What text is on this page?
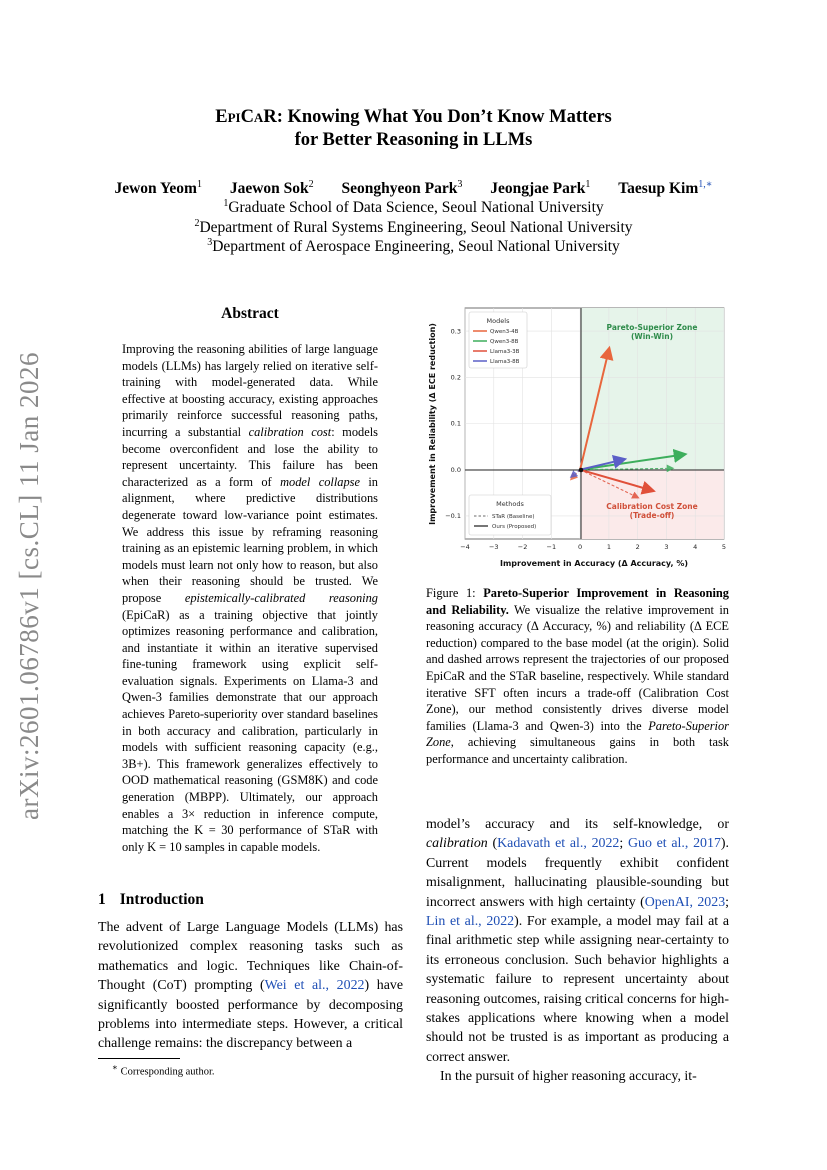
arXiv:2601.06786v1 [cs.CL] 11 Jan 2026
EpiCaR: Knowing What You Don’t Know Matters
for Better Reasoning in LLMs
Jewon Yeom$^1$ Jaewon Sok$^2$ Seonghyeon Park$^3$ Jeongjae Park$^1$ Taesup Kim$^{1,∗}$
$^1$Graduate School of Data Science, Seoul National University
$^2$Department of Rural Systems Engineering, Seoul National University
$^3$Department of Aerospace Engineering, Seoul National University
Abstract

Improving the reasoning abilities of large language models (LLMs) has largely relied on iterative self-training with model-generated data. While effective at boosting accuracy, existing approaches primarily reinforce successful reasoning paths, incurring a substantial calibration cost: models become overconfident and lose the ability to represent uncertainty. This failure has been characterized as a form of model collapse in alignment, where predictive distributions degenerate toward low-variance point estimates. We address this issue by reframing reasoning training as an epistemic learning problem, in which models must learn not only how to reason, but also when their reasoning should be trusted. We propose epistemically-calibrated reasoning (EpiCaR) as a training objective that jointly optimizes reasoning performance and calibration, and instantiate it within an iterative supervised fine-tuning framework using explicit self-evaluation signals. Experiments on Llama-3 and Qwen-3 families demonstrate that our approach achieves Pareto-superiority over standard baselines in both accuracy and calibration, particularly in models with sufficient reasoning capacity (e.g., 3B+). This framework generalizes effectively to OOD mathematical reasoning (GSM8K) and code generation (MBPP). Ultimately, our approach enables a 3× reduction in inference compute, matching the K = 30 performance of STaR with only K = 10 samples in capable models.

1 Introduction

The advent of Large Language Models (LLMs) has revolutionized complex reasoning tasks such as mathematics and logic. Techniques like Chain-of-Thought (CoT) prompting (Wei et al., 2022) have significantly boosted performance by decomposing problems into intermediate steps. However, a critical challenge remains: the discrepancy between a

∗ Corresponding author.
−4	−3	−2	−1	0	1	2	3	4	5
−0.1
0.0
0.1
0.2
0.3	Pareto-Superior Zone
(Win-Win)
Calibration Cost Zone
(Trade-off)
Models
Qwen3-4B
Qwen3-8B
Llama3-3B
Llama3-8B
Methods
STaR (Baseline)
Ours (Proposed)
Improvement in Accuracy (Δ Accuracy, %)
Improvement in Reliability (Δ ECE reduction)
Figure 1: Pareto-Superior Improvement in Reasoning and Reliability. We visualize the relative improvement in reasoning accuracy (Δ Accuracy, %) and reliability (Δ ECE reduction) compared to the base model (at the origin). Solid and dashed arrows represent the trajectories of our proposed EpiCaR and the STaR baseline, respectively. While standard iterative SFT often incurs a trade-off (Calibration Cost Zone), our method consistently drives diverse model families (Llama-3 and Qwen-3) into the Pareto-Superior Zone, achieving simultaneous gains in both task performance and uncertainty calibration.

model’s accuracy and its self-knowledge, or calibration (Kadavath et al., 2022; Guo et al., 2017). Current models frequently exhibit confident misalignment, hallucinating plausible-sounding but incorrect answers with high certainty (OpenAI, 2023; Lin et al., 2022). For example, a model may fail at a final arithmetic step while assigning near-certainty to its erroneous conclusion. Such behavior highlights a systematic failure to represent uncertainty about reasoning outcomes, raising critical concerns for high-stakes applications where knowing when a model should not be trusted is as important as producing a correct answer.

In the pursuit of higher reasoning accuracy, it-
